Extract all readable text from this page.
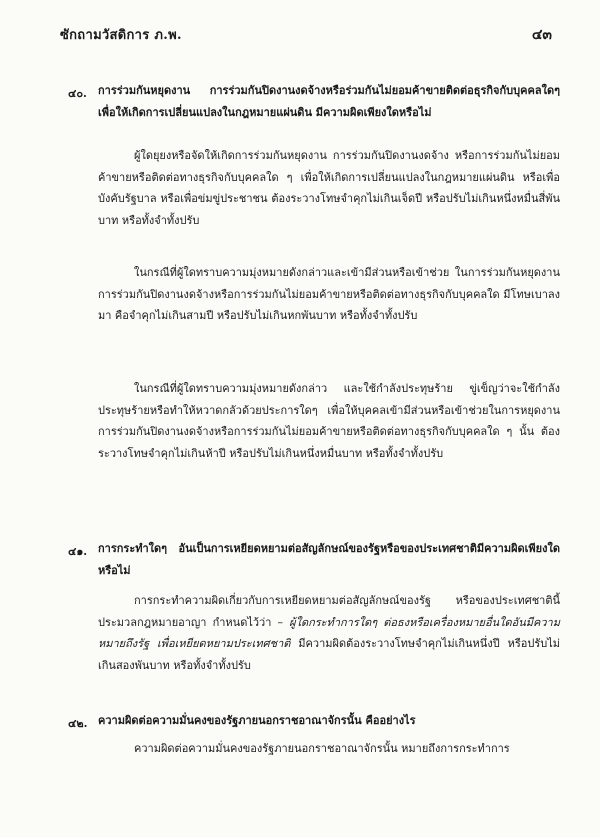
ซักถามวัสดิการ ภ.พ.	๔๓
๔๐. การร่วมกันหยุดงาน การร่วมกันปิดงานงดจ้างหรือร่วมกันไม่ยอมค้าขายติดต่อธุรกิจกับบุคคลใดๆ เพื่อให้เกิดการเปลี่ยนแปลงในกฎหมายแผ่นดิน มีความผิดเพียงใดหรือไม่
ผู้ใดยุยงหรือจัดให้เกิดการร่วมกันหยุดงาน การร่วมกันปิดงานงดจ้าง หรือการร่วมกันไม่ยอมค้าขายหรือติดต่อทางธุรกิจกับบุคคลใด ๆ เพื่อให้เกิดการเปลี่ยนแปลงในกฎหมายแผ่นดิน หรือเพื่อบังคับรัฐบาล หรือเพื่อข่มขู่ประชาชน ต้องระวางโทษจำคุกไม่เกินเจ็ดปี หรือปรับไม่เกินหนึ่งหมื่นสี่พันบาท หรือทั้งจำทั้งปรับ
ในกรณีที่ผู้ใดทราบความมุ่งหมายดังกล่าวและเข้ามีส่วนหรือเข้าช่วย ในการร่วมกันหยุดงาน การร่วมกันปิดงานงดจ้างหรือการร่วมกันไม่ยอมค้าขายหรือติดต่อทางธุรกิจกับบุคคลใด มีโทษเบาลงมา คือจำคุกไม่เกินสามปี หรือปรับไม่เกินหกพันบาท หรือทั้งจำทั้งปรับ
ในกรณีที่ผู้ใดทราบความมุ่งหมายดังกล่าว และใช้กำลังประทุษร้าย ขู่เข็ญว่าจะใช้กำลังประทุษร้ายหรือทำให้หวาดกลัวด้วยประการใดๆ เพื่อให้บุคคลเข้ามีส่วนหรือเข้าช่วยในการหยุดงาน การร่วมกันปิดงานงดจ้างหรือการร่วมกันไม่ยอมค้าขายหรือติดต่อทางธุรกิจกับบุคคลใด ๆ นั้น ต้องระวางโทษจำคุกไม่เกินห้าปี หรือปรับไม่เกินหนึ่งหมื่นบาท หรือทั้งจำทั้งปรับ
๔๑. การกระทำใดๆ อันเป็นการเหยียดหยามต่อสัญลักษณ์ของรัฐหรือของประเทศชาติมีความผิดเพียงใดหรือไม่
การกระทำความผิดเกี่ยวกับการเหยียดหยามต่อสัญลักษณ์ของรัฐ หรือของประเทศชาตินี้ ประมวลกฎหมายอาญา กำหนดไว้ว่า – ผู้ใดกระทำการใดๆ ต่อธงหรือเครื่องหมายอื่นใดอันมีความหมายถึงรัฐ เพื่อเหยียดหยามประเทศชาติ มีความผิดต้องระวางโทษจำคุกไม่เกินหนึ่งปี หรือปรับไม่เกินสองพันบาท หรือทั้งจำทั้งปรับ
๔๒. ความผิดต่อความมั่นคงของรัฐภายนอกราชอาณาจักรนั้น คืออย่างไร
ความผิดต่อความมั่นคงของรัฐภายนอกราชอาณาจักรนั้น หมายถึงการกระทำการ
